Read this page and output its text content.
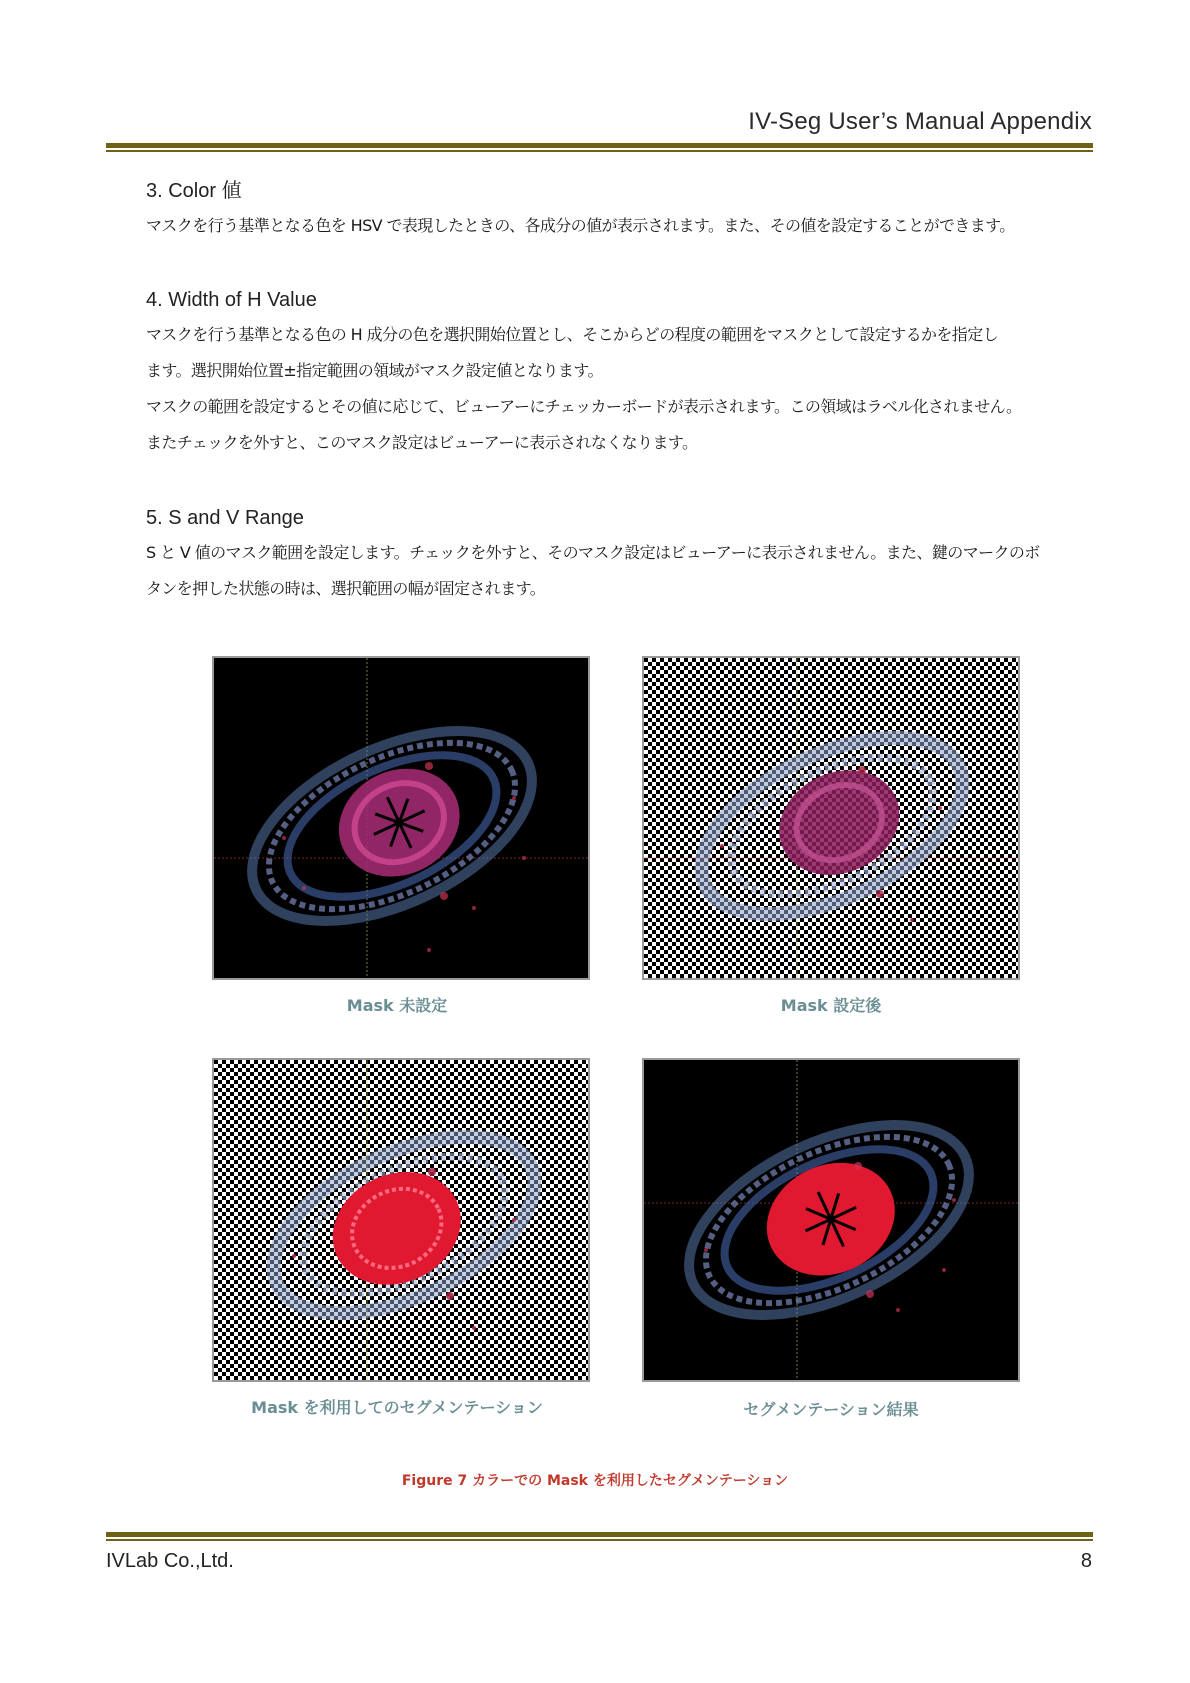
IV-Seg User’s Manual Appendix
3. Color 値
マスクを行う基準となる色を HSV で表現したときの、各成分の値が表示されます。また、その値を設定することができます。
4. Width of H Value
マスクを行う基準となる色の H 成分の色を選択開始位置とし、そこからどの程度の範囲をマスクとして設定するかを指定し
ます。選択開始位置±指定範囲の領域がマスク設定値となります。
マスクの範囲を設定するとその値に応じて、ビューアーにチェッカーボードが表示されます。この領域はラベル化されません。
またチェックを外すと、このマスク設定はビューアーに表示されなくなります。
5. S and V Range
S と V 値のマスク範囲を設定します。チェックを外すと、そのマスク設定はビューアーに表示されません。また、鍵のマークのボ
タンを押した状態の時は、選択範囲の幅が固定されます。
Mask 未設定	Mask 設定後
Mask を利用してのセグメンテーション	セグメンテーション結果
Figure 7 カラーでの Mask を利用したセグメンテーション
IVLab Co.,Ltd.	8
